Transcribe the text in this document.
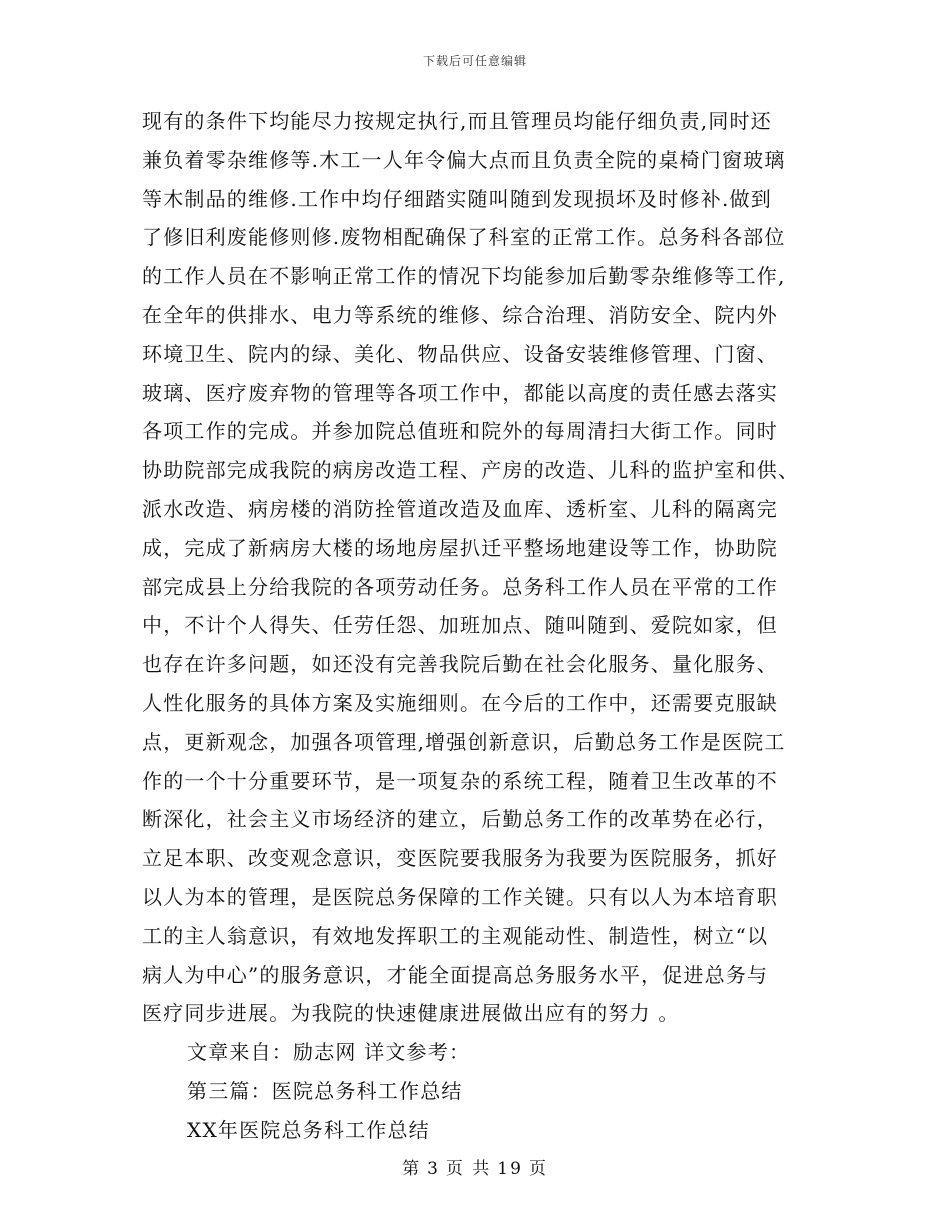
下载后可任意编辑
现有的条件下均能尽力按规定执行,而且管理员均能仔细负责,同时还
兼负着零杂维修等.木工一人年令偏大点而且负责全院的桌椅门窗玻璃
等木制品的维修.工作中均仔细踏实随叫随到发现损坏及时修补.做到
了修旧利废能修则修.废物相配确保了科室的正常工作。总务科各部位
的工作人员在不影响正常工作的情况下均能参加后勤零杂维修等工作,
在全年的供排水、电力等系统的维修、综合治理、消防安全、院内外
环境卫生、院内的绿、美化、物品供应、设备安装维修管理、门窗、
玻璃、医疗废弃物的管理等各项工作中，都能以高度的责任感去落实
各项工作的完成。并参加院总值班和院外的每周清扫大街工作。同时
协助院部完成我院的病房改造工程、产房的改造、儿科的监护室和供、
派水改造、病房楼的消防拴管道改造及血库、透析室、儿科的隔离完
成，完成了新病房大楼的场地房屋扒迁平整场地建设等工作，协助院
部完成县上分给我院的各项劳动任务。总务科工作人员在平常的工作
中，不计个人得失、任劳任怨、加班加点、随叫随到、爱院如家，但
也存在许多问题，如还没有完善我院后勤在社会化服务、量化服务、
人性化服务的具体方案及实施细则。在今后的工作中，还需要克服缺
点，更新观念，加强各项管理,增强创新意识，后勤总务工作是医院工
作的一个十分重要环节，是一项复杂的系统工程，随着卫生改革的不
断深化，社会主义市场经济的建立，后勤总务工作的改革势在必行，
立足本职、改变观念意识，变医院要我服务为我要为医院服务，抓好
以人为本的管理，是医院总务保障的工作关键。只有以人为本培育职
工的主人翁意识，有效地发挥职工的主观能动性、制造性，树立“以
病人为中心”的服务意识，才能全面提高总务服务水平，促进总务与
医疗同步进展。为我院的快速健康进展做出应有的努力 。
文章来自：励志网 详文参考：
第三篇：医院总务科工作总结
XX年医院总务科工作总结
第 3 页 共 19 页
